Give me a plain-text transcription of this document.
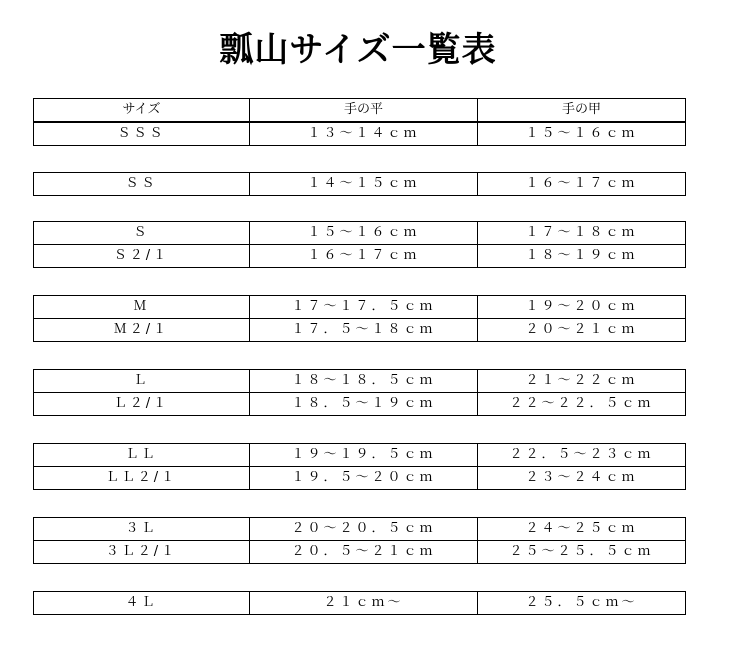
瓢山サイズ一覧表
サイズ	手の平	手の甲
ＳＳＳ	１３〜１４ｃｍ	１５〜１６ｃｍ
ＳＳ	１４〜１５ｃｍ	１６〜１７ｃｍ
Ｓ	１５〜１６ｃｍ	１７〜１８ｃｍ
Ｓ２/１	１６〜１７ｃｍ	１８〜１９ｃｍ
Ｍ	１７〜１７．５ｃｍ	１９〜２０ｃｍ
Ｍ２/１	１７．５〜１８ｃｍ	２０〜２１ｃｍ
Ｌ	１８〜１８．５ｃｍ	２１〜２２ｃｍ
Ｌ２/１	１８．５〜１９ｃｍ	２２〜２２．５ｃｍ
ＬＬ	１９〜１９．５ｃｍ	２２．５〜２３ｃｍ
ＬＬ２/１	１９．５〜２０ｃｍ	２３〜２４ｃｍ
３Ｌ	２０〜２０．５ｃｍ	２４〜２５ｃｍ
３Ｌ２/１	２０．５〜２１ｃｍ	２５〜２５．５ｃｍ
４Ｌ	２１ｃｍ〜	２５．５ｃｍ〜
